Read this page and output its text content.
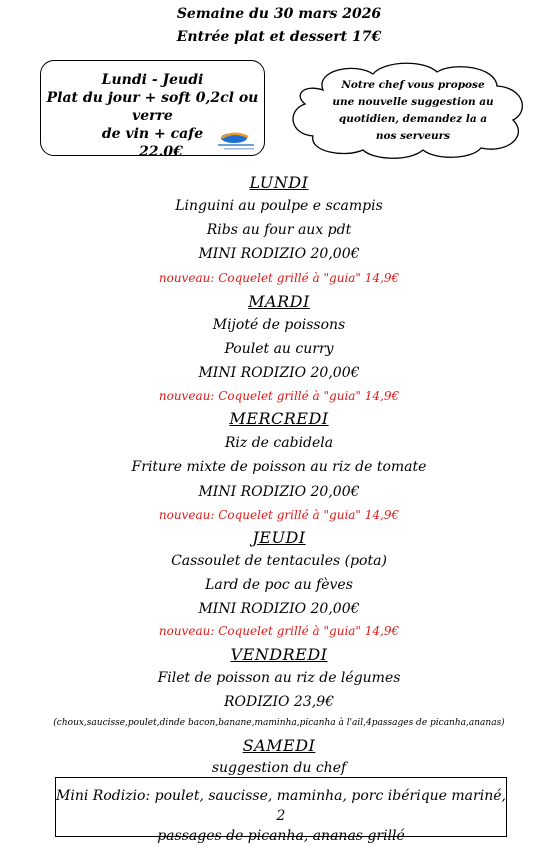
Semaine du 30 mars 2026
Entrée plat et dessert 17€
Lundi - Jeudi
Plat du jour + soft 0,2cl ou verre
de vin + cafe
22.0€
Notre chef vous propose
une nouvelle suggestion au
quotidien, demandez la a
nos serveurs
LUNDI
Linguini au poulpe e scampis
Ribs au four aux pdt
MINI RODIZIO 20,00€
nouveau: Coquelet grillé à "guia" 14,9€
MARDI
Mijoté de poissons
Poulet au curry
MINI RODIZIO 20,00€
nouveau: Coquelet grillé à "guia" 14,9€
MERCREDI
Riz de cabidela
Friture mixte de poisson au riz de tomate
MINI RODIZIO 20,00€
nouveau: Coquelet grillé à "guia" 14,9€
JEUDI
Cassoulet de tentacules (pota)
Lard de poc au fèves
MINI RODIZIO 20,00€
nouveau: Coquelet grillé à "guia" 14,9€
VENDREDI
Filet de poisson au riz de légumes
RODIZIO 23,9€
(choux,saucisse,poulet,dinde bacon,banane,maminha,picanha à l'ail,4passages de picanha,ananas)
SAMEDI
suggestion du chef
Mini Rodizio: poulet, saucisse, maminha, porc ibérique mariné, 2
passages de picanha, ananas grillé
